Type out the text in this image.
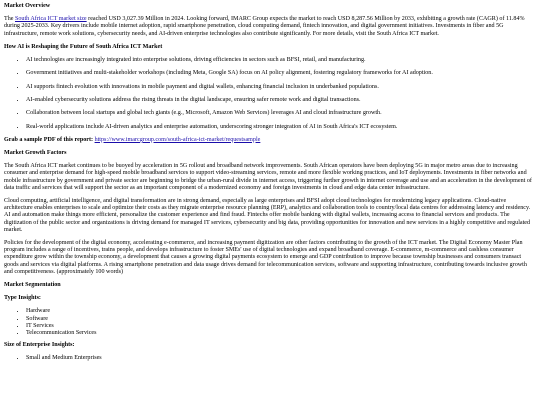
Market Overview
The South Africa ICT market size reached USD 3,027.39 Million in 2024. Looking forward, IMARC Group expects the market to reach USD 8,287.56 Million by 2033, exhibiting a growth rate (CAGR) of 11.84% during 2025-2033. Key drivers include mobile internet adoption, rapid smartphone penetration, cloud computing demand, fintech innovation, and digital government initiatives. Investments in fiber and 5G infrastructure, remote work solutions, cybersecurity needs, and AI-driven enterprise technologies also contribute significantly. For more details, visit the South Africa ICT market.
How AI is Reshaping the Future of South Africa ICT Market
• AI technologies are increasingly integrated into enterprise solutions, driving efficiencies in sectors such as BFSI, retail, and manufacturing.
• Government initiatives and multi-stakeholder workshops (including Meta, Google SA) focus on AI policy alignment, fostering regulatory frameworks for AI adoption.
• AI supports fintech evolution with innovations in mobile payment and digital wallets, enhancing financial inclusion in underbanked populations.
• AI-enabled cybersecurity solutions address the rising threats in the digital landscape, ensuring safer remote work and digital transactions.
• Collaboration between local startups and global tech giants (e.g., Microsoft, Amazon Web Services) leverages AI and cloud infrastructure growth.
• Real-world applications include AI-driven analytics and enterprise automation, underscoring stronger integration of AI in South Africa's ICT ecosystem.
Grab a sample PDF of this report: https://www.imarcgroup.com/south-africa-ict-market/requestsample
Market Growth Factors
The South Africa ICT market continues to be buoyed by acceleration in 5G rollout and broadband network improvements. South African operators have been deploying 5G in major metro areas due to increasing consumer and enterprise demand for high-speed mobile broadband services to support video-streaming services, remote and more flexible working practices, and IoT deployments. Investments in fiber networks and mobile infrastructure by government and private sector are beginning to bridge the urban-rural divide in internet access, triggering further growth in internet coverage and use and an acceleration in the development of data traffic and services that will support the sector as an important component of a modernized economy and foreign investments in cloud and edge data center infrastructure.
Cloud computing, artificial intelligence, and digital transformation are in strong demand, especially as large enterprises and BFSI adopt cloud technologies for modernizing legacy applications. Cloud-native architecture enables enterprises to scale and optimize their costs as they migrate enterprise resource planning (ERP), analytics and collaboration tools to country/local data centres for addressing latency and residency. AI and automation make things more efficient, personalize the customer experience and find fraud. Fintechs offer mobile banking with digital wallets, increasing access to financial services and products. The digitization of the public sector and organizations is driving demand for managed IT services, cybersecurity and big data, providing opportunities for innovation and new services in a highly competitive and regulated market.
Policies for the development of the digital economy, accelerating e-commerce, and increasing payment digitization are other factors contributing to the growth of the ICT market. The Digital Economy Master Plan program includes a range of incentives, trains people, and develops infrastructure to foster SMEs' use of digital technologies and expand broadband coverage. E-commerce, m-commerce and cashless consumer expenditure grow within the township economy, a development that causes a growing digital payments ecosystem to emerge and GDP contribution to improve because township businesses and consumers transact goods and services via digital platforms. A rising smartphone penetration and data usage drives demand for telecommunication services, software and supporting infrastructure, contributing towards inclusive growth and competitiveness. (approximately 100 words)
Market Segmentation
Type Insights:
• Hardware
• Software
• IT Services
• Telecommunication Services
Size of Enterprise Insights:
• Small and Medium Enterprises
